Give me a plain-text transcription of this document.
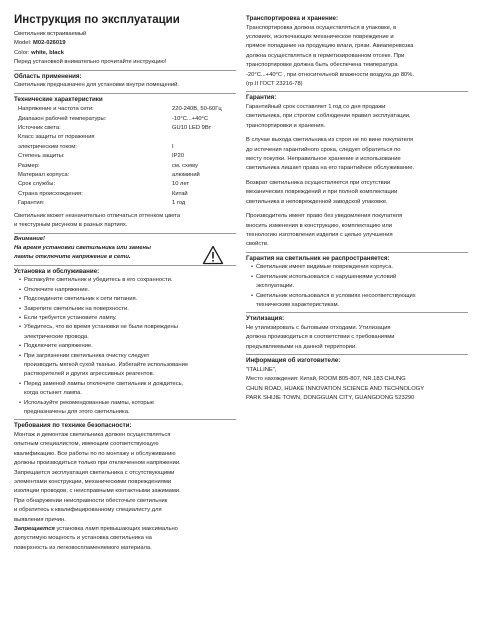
Инструкция по эксплуатации

Светильник встраиваемый

Model: M02-026019

Color: white, black

Перед установкой внимательно прочитайте инструкцию!

Область применения:

Светильник предназначен для установки внутри помещений.

Технические характеристики

Напряжение и частота сети:	220-240В, 50-60Гц
Диапазон рабочей температуры:	-10°С...+40°С
Источник света:	GU10 LED 9Вт
Класс защиты от поражения
электрическим током:	I
Степень защиты:	IP20
Размер:	см. схему
Материал корпуса:	алюминий
Срок службы:	10 лет
Страна происхождения:	Китай
Гарантия:	1 год

Светильник может незначительно отличаться оттенком цвета

и текстурным рисунком в разных партиях.

Внимание!
На время установки светильника или замены
лампы отключите напряжение в сети.

Установка и обслуживание:

• Распакуйте светильник и убедитесь в его сохранности.
• Отключите напряжение.
• Подсоедините светильник к сети питания.
• Закрепите светильник на поверхности.
• Если требуется установите лампу.
• Убедитесь, что во время установки не были повреждены
электрические провода.
• Подключите напряжение.
• При загрязнении светильника очистку следует
производить мягкой сухой тканью. Избегайте использование
растворителей и других агрессивных реагентов.
• Перед заменой лампы отключите светильник и дождитесь,
когда остынет лампа.
• Используйте рекомендованные лампы, которые
предназначены для этого светильника.

Требования по технике безопасности:

Монтаж и демонтаж светильника должен осуществляться

опытным специалистом, имеющим соответствующую

квалификацию. Все работы по по монтажу и обслуживанию

должны производиться только при отключенном напряжении.

Запрещается эксплуатация светильника с отсутствующими

элементами конструкции, механическими повреждениями

изоляции проводов, с неисправными контактными зажимами.

При обнаружении неисправности обесточьте светильник

и обратитесь к квалифицированному специалисту для

выявления причин.

Запрещается установка ламп превышающих максимально

допустимую мощность и установка светильника на

поверхность из легковоспламеняемого материала.

Транспортировка и хранение:

Транспортировка должна осуществляться в упаковке, в

условиях, исключающих механическое повреждение и

прямое попадание на продукцию влаги, грязи. Авиаперевозка

должна осуществляться в герметизированном отсеке. При

транспортировке должна быть обеспечена температура

-20°С...+40°С , при относительной влажности воздуха до 80%.

(гр.II ГОСТ 23216-78)

Гарантия:

Гарантийный срок составляет 1 год со дня продажи

светильника, при строгом соблюдении правил эксплуатации,

транспортировки и хранения.

В случае выхода светильника из строя не по вине покупателя

до истечения гарантийного срока, следует обратиться по

месту покупки. Неправильное хранение и использование

светильника лишает права на его гарантийное обслуживание.

Возврат светильника осуществляется при отсутствии

механических повреждений и при полной комплектации

светильника в неповрежденной заводской упаковке.

Производитель имеет право без уведомления покупателя

вносить изменения в конструкцию, комплектацию или

технологию изготовления изделия с целью улучшения

свойств.

Гарантия на светильник не распространяется:

• Светильник имеет видимые повреждения корпуса.
• Светильник использовался с нарушениями условий
эксплуатации.
• Светильник использовался в условиях несоответствующих
техническим характеристикам.

Утилизация:

Не утилизировать с бытовыми отходами. Утилизация

должна производиться в соответствии с требованиями

предъявляемыми на данной территории.

Информация об изготовителе:

"ITALLINE",

Место нахождения: Китай, ROOM 805-807, NR.183 CHUNG

CHUN ROAD, HUAKE INNOVATION SCIENCE AND TECHNOLOGY

PARK SHIJIE TOWN, DONGGUAN CITY, GUANGDONG 523290
